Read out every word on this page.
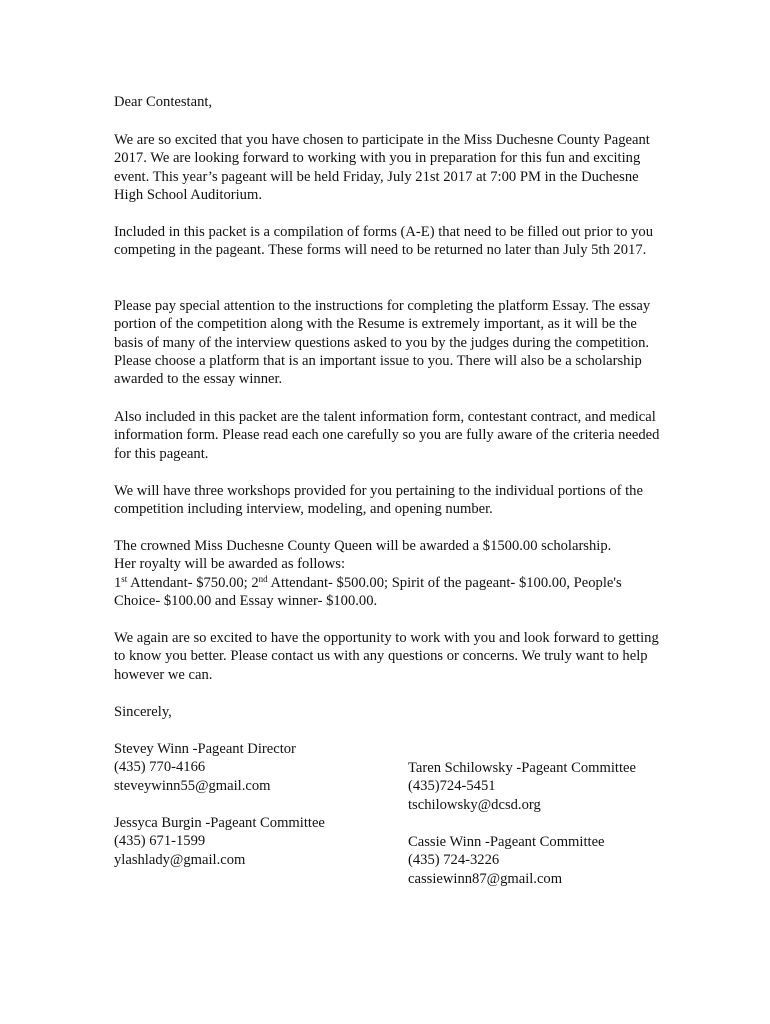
Dear Contestant,

We are so excited that you have chosen to participate in the Miss Duchesne County Pageant 2017. We are looking forward to working with you in preparation for this fun and exciting event. This year’s pageant will be held Friday, July 21st 2017 at 7:00 PM in the Duchesne High School Auditorium.

Included in this packet is a compilation of forms (A-E) that need to be filled out prior to you competing in the pageant. These forms will need to be returned no later than July 5th 2017.

Please pay special attention to the instructions for completing the platform Essay. The essay portion of the competition along with the Resume is extremely important, as it will be the basis of many of the interview questions asked to you by the judges during the competition. Please choose a platform that is an important issue to you. There will also be a scholarship awarded to the essay winner.

Also included in this packet are the talent information form, contestant contract, and medical information form. Please read each one carefully so you are fully aware of the criteria needed for this pageant.

We will have three workshops provided for you pertaining to the individual portions of the competition including interview, modeling, and opening number.

The crowned Miss Duchesne County Queen will be awarded a $1500.00 scholarship.
Her royalty will be awarded as follows:
1st Attendant- $750.00; 2nd Attendant- $500.00; Spirit of the pageant- $100.00, People's
Choice- $100.00 and Essay winner- $100.00.

We again are so excited to have the opportunity to work with you and look forward to getting to know you better. Please contact us with any questions or concerns. We truly want to help however we can.

Sincerely,
Stevey Winn -Pageant Director
(435) 770-4166
steveywinn55@gmail.com
Jessyca Burgin -Pageant Committee
(435) 671-1599
ylashlady@gmail.com
Taren Schilowsky -Pageant Committee
(435)724-5451
tschilowsky@dcsd.org
Cassie Winn -Pageant Committee
(435) 724-3226
cassiewinn87@gmail.com
